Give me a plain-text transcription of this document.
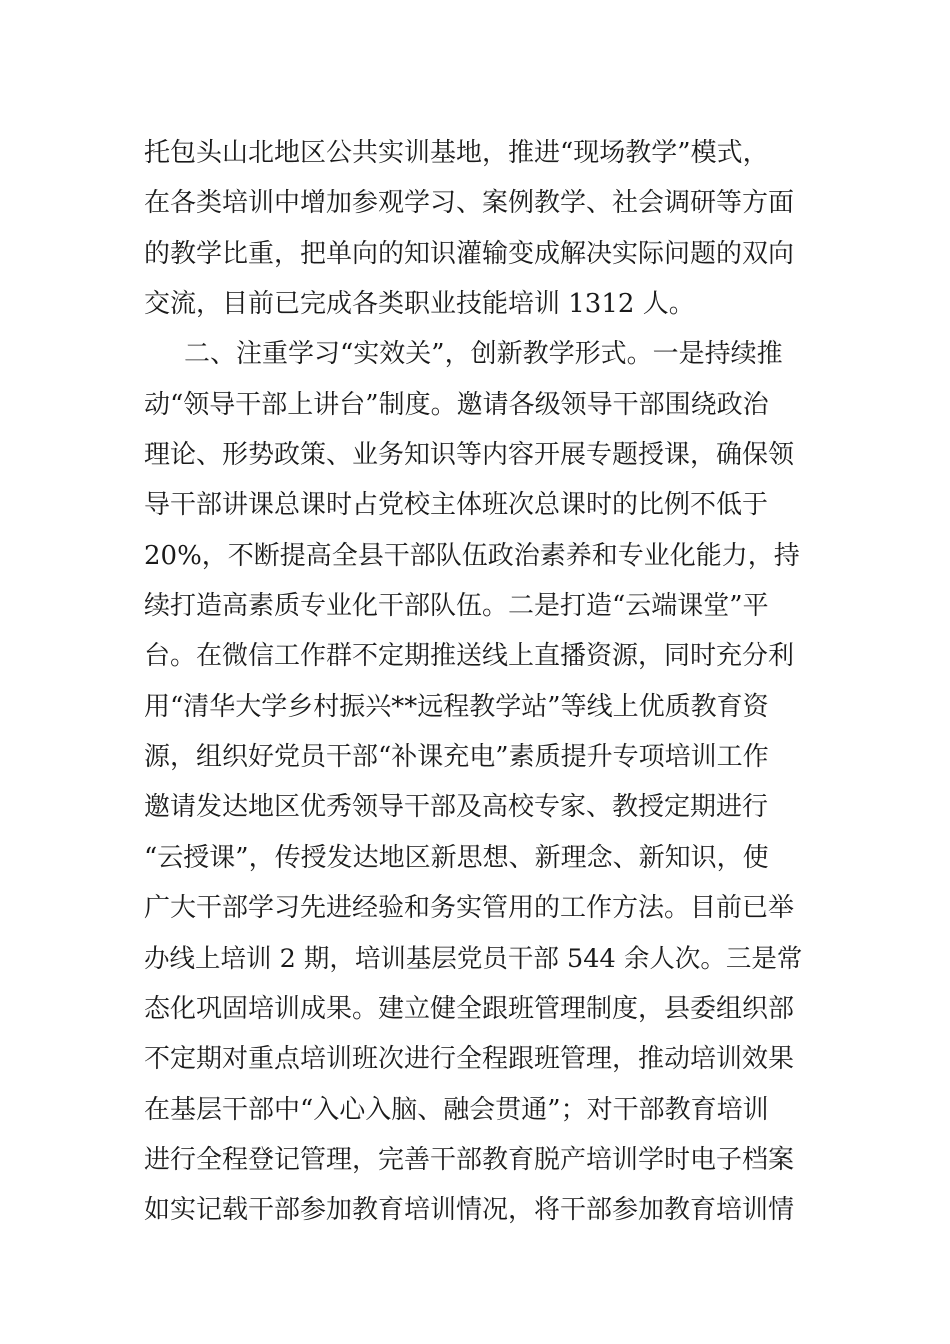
托包头山北地区公共实训基地，推进“现场教学”模式，
在各类培训中增加参观学习、案例教学、社会调研等方面
的教学比重，把单向的知识灌输变成解决实际问题的双向
交流，目前已完成各类职业技能培训 1312 人。
二、注重学习“实效关”，创新教学形式。一是持续推
动“领导干部上讲台”制度。邀请各级领导干部围绕政治
理论、形势政策、业务知识等内容开展专题授课，确保领
导干部讲课总课时占党校主体班次总课时的比例不低于
20%，不断提高全县干部队伍政治素养和专业化能力，持
续打造高素质专业化干部队伍。二是打造“云端课堂”平
台。在微信工作群不定期推送线上直播资源，同时充分利
用“清华大学乡村振兴**远程教学站”等线上优质教育资
源，组织好党员干部“补课充电”素质提升专项培训工作
邀请发达地区优秀领导干部及高校专家、教授定期进行
“云授课”，传授发达地区新思想、新理念、新知识，使
广大干部学习先进经验和务实管用的工作方法。目前已举
办线上培训 2 期，培训基层党员干部 544 余人次。三是常
态化巩固培训成果。建立健全跟班管理制度，县委组织部
不定期对重点培训班次进行全程跟班管理，推动培训效果
在基层干部中“入心入脑、融会贯通”；对干部教育培训
进行全程登记管理，完善干部教育脱产培训学时电子档案
如实记载干部参加教育培训情况，将干部参加教育培训情
